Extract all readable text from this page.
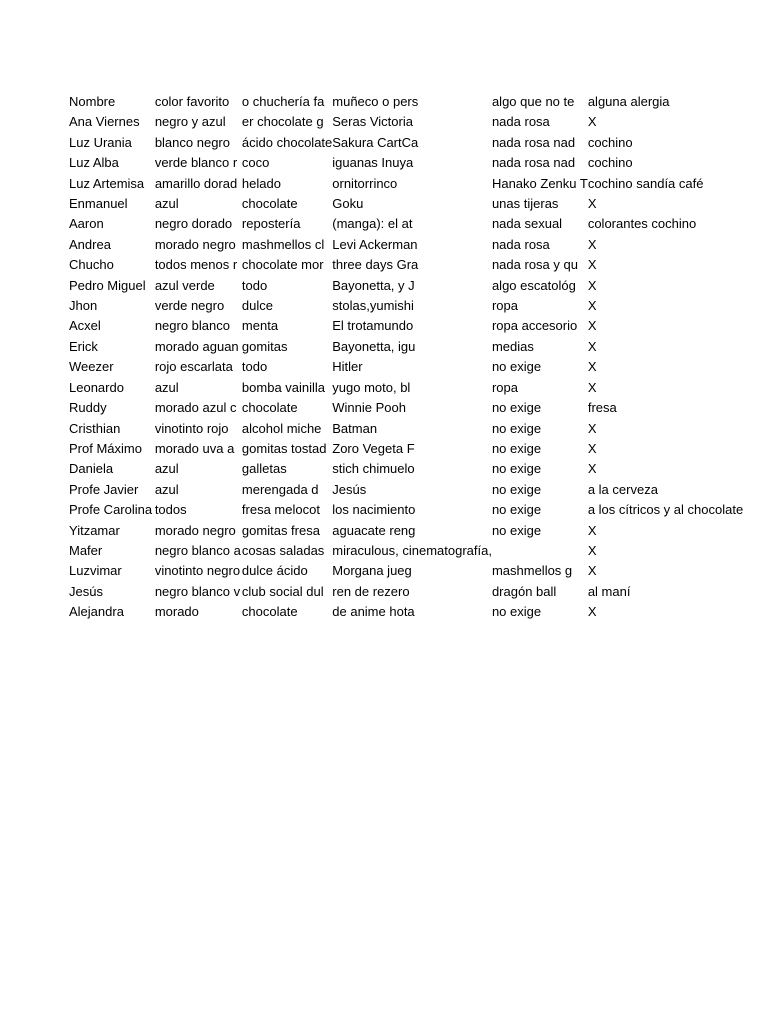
Nombre	color favorito	o chuchería fa	muñeco o pers	algo que no te	alguna alergia
Ana Viernes	negro y azul	er chocolate g	Seras Victoria	nada rosa	X
Luz Urania	blanco negro	ácido chocolate	Sakura CartCa	nada rosa nad	cochino
Luz Alba	verde blanco r	coco	iguanas Inuya	nada rosa nad	cochino
Luz Artemisa	amarillo dorad	helado	ornitorrinco	Hanako Zenku T	cochino sandía café
Enmanuel	azul	chocolate	Goku	unas tijeras	X
Aaron	negro dorado	repostería	(manga): el at	nada sexual	colorantes cochino
Andrea	morado negro	mashmellos cl	Levi Ackerman	nada rosa	X
Chucho	todos menos r	chocolate mor	three days Gra	nada rosa y qu	X
Pedro Miguel	azul verde	todo	Bayonetta, y J	algo escatológ	X
Jhon	verde negro	dulce	stolas,yumishi	ropa	X
Acxel	negro blanco	menta	El trotamundo	ropa accesorio	X
Erick	morado aguan	gomitas	Bayonetta, igu	medias	X
Weezer	rojo escarlata	todo	Hitler	no exige	X
Leonardo	azul	bomba vainilla	yugo moto, bl	ropa	X
Ruddy	morado azul c	chocolate	Winnie Pooh	no exige	fresa
Cristhian	vinotinto rojo	alcohol miche	Batman	no exige	X
Prof Máximo	morado uva a	gomitas tostad	Zoro Vegeta F	no exige	X
Daniela	azul	galletas	stich chimuelo	no exige	X
Profe Javier	azul	merengada d	Jesús	no exige	a la cerveza
Profe Carolina	todos	fresa melocot	los nacimiento	no exige	a los cítricos y al chocolate
Yitzamar	morado negro	gomitas fresa	aguacate reng	no exige	X
Mafer	negro blanco a	cosas saladas	miraculous, cinematografía,		X
Luzvimar	vinotinto negro	dulce ácido	Morgana jueg	mashmellos g	X
Jesús	negro blanco v	club social dul	ren de rezero	dragón ball	al maní
Alejandra	morado	chocolate	de anime hota	no exige	X
